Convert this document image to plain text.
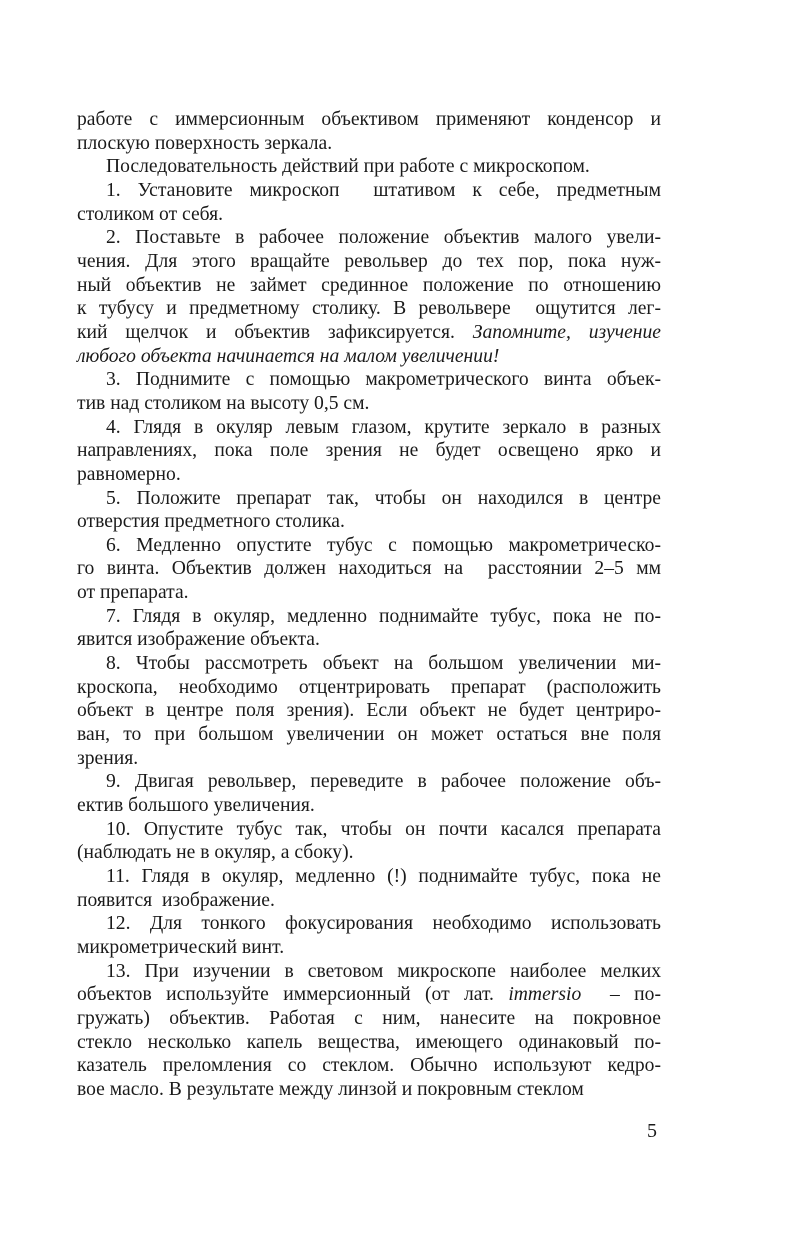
работе с иммерсионным объективом применяют конденсор и
плоскую поверхность зеркала.
Последовательность действий при работе с микроскопом.
1. Установите микроскоп  штативом к себе, предметным
столиком от себя.
2. Поставьте в рабочее положение объектив малого увели-
чения. Для этого вращайте револьвер до тех пор, пока нуж-
ный объектив не займет срединное положение по отношению
к тубусу и предметному столику. В револьвере  ощутится лег-
кий щелчок и объектив зафиксируется. Запомните, изучение
любого объекта начинается на малом увеличении!
3. Поднимите с помощью макрометрического винта объек-
тив над столиком на высоту 0,5 см.
4. Глядя в окуляр левым глазом, крутите зеркало в разных
направлениях, пока поле зрения не будет освещено ярко и
равномерно.
5. Положите препарат так, чтобы он находился в центре
отверстия предметного столика.
6. Медленно опустите тубус с помощью макрометрическо-
го винта. Объектив должен находиться на  расстоянии 2–5 мм
от препарата.
7. Глядя в окуляр, медленно поднимайте тубус, пока не по-
явится изображение объекта.
8. Чтобы рассмотреть объект на большом увеличении ми-
кроскопа, необходимо отцентрировать препарат (расположить
объект в центре поля зрения). Если объект не будет центриро-
ван, то при большом увеличении он может остаться вне поля
зрения.
9. Двигая револьвер, переведите в рабочее положение объ-
ектив большого увеличения.
10. Опустите тубус так, чтобы он почти касался препарата
(наблюдать не в окуляр, а сбоку).
11. Глядя в окуляр, медленно (!) поднимайте тубус, пока не
появится  изображение.
12. Для тонкого фокусирования необходимо использовать
микрометрический винт.
13. При изучении в световом микроскопе наиболее мелких
объектов используйте иммерсионный (от лат. immersio  – по-
гружать) объектив. Работая с ним, нанесите на покровное
стекло несколько капель вещества, имеющего одинаковый по-
казатель преломления со стеклом. Обычно используют кедро-
вое масло. В результате между линзой и покровным стеклом
5
